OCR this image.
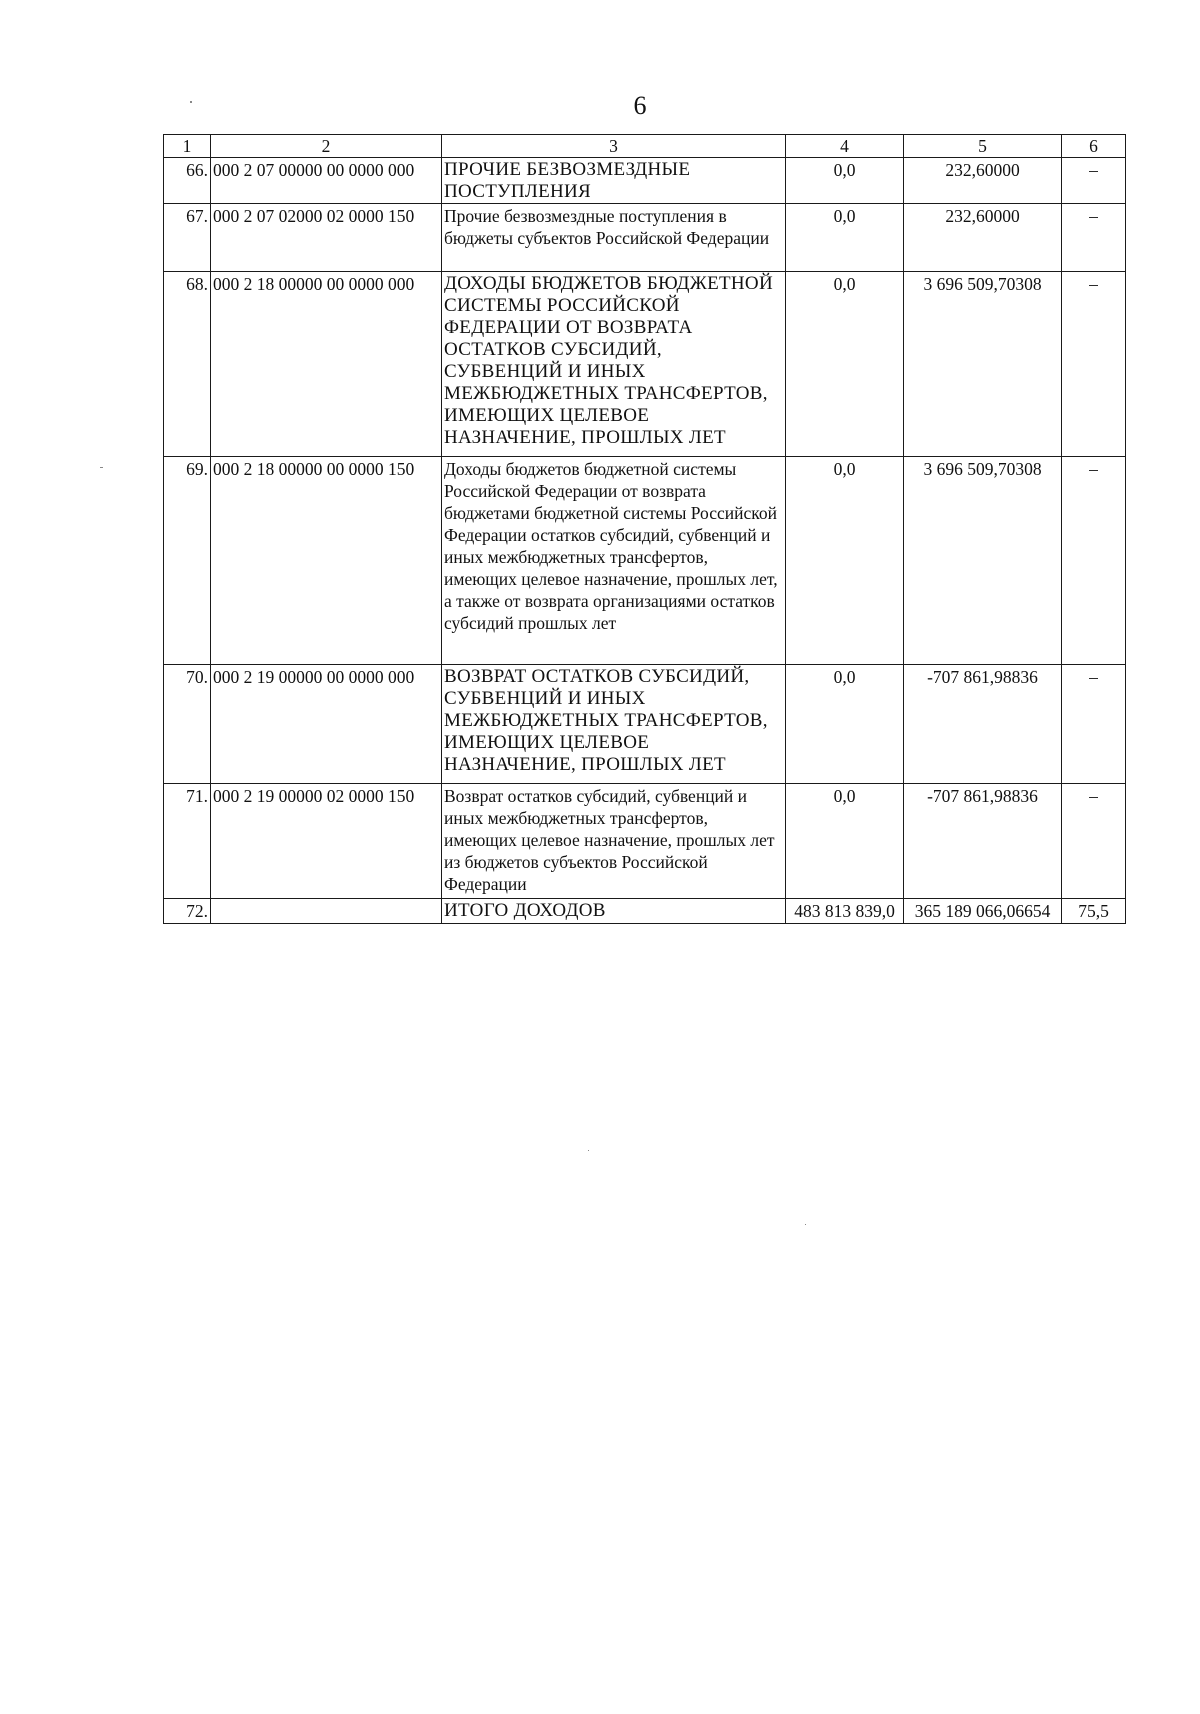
6
1	2	3	4	5	6
66.	000 2 07 00000 00 0000 000	ПРОЧИЕ БЕЗВОЗМЕЗДНЫЕ ПОСТУПЛЕНИЯ	0,0	232,60000	–
67.	000 2 07 02000 02 0000 150	Прочие безвозмездные поступления в бюджеты субъектов Российской Федерации	0,0	232,60000	–
68.	000 2 18 00000 00 0000 000	ДОХОДЫ БЮДЖЕТОВ БЮДЖЕТНОЙ СИСТЕМЫ РОССИЙСКОЙ ФЕДЕРАЦИИ ОТ ВОЗВРАТА ОСТАТКОВ СУБСИДИЙ, СУБВЕНЦИЙ И ИНЫХ МЕЖБЮДЖЕТНЫХ ТРАНСФЕРТОВ, ИМЕЮЩИХ ЦЕЛЕВОЕ НАЗНАЧЕНИЕ, ПРОШЛЫХ ЛЕТ	0,0	3 696 509,70308	–
69.	000 2 18 00000 00 0000 150	Доходы бюджетов бюджетной системы Российской Федерации от возврата бюджетами бюджетной системы Российской Федерации остатков субсидий, субвенций и иных межбюджетных трансфертов, имеющих целевое назначение, прошлых лет, а также от возврата организациями остатков субсидий прошлых лет	0,0	3 696 509,70308	–
70.	000 2 19 00000 00 0000 000	ВОЗВРАТ ОСТАТКОВ СУБСИДИЙ, СУБВЕНЦИЙ И ИНЫХ МЕЖБЮДЖЕТНЫХ ТРАНСФЕРТОВ, ИМЕЮЩИХ ЦЕЛЕВОЕ НАЗНАЧЕНИЕ, ПРОШЛЫХ ЛЕТ	0,0	-707 861,98836	–
71.	000 2 19 00000 02 0000 150	Возврат остатков субсидий, субвенций и иных межбюджетных трансфертов, имеющих целевое назначение, прошлых лет из бюджетов субъектов Российской Федерации	0,0	-707 861,98836	–
72.		ИТОГО ДОХОДОВ	483 813 839,0	365 189 066,06654	75,5
